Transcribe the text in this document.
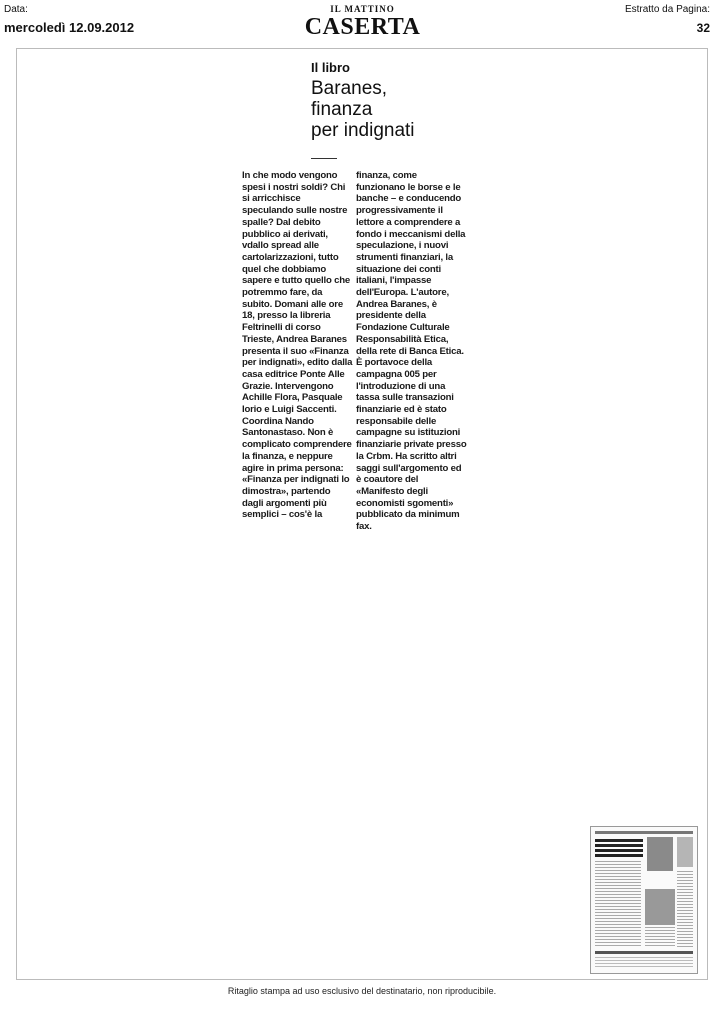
Data:
mercoledì 12.09.2012
IL MATTINO
CASERTA
Estratto da Pagina:
32
Il libro
Baranes,
finanza
per indignati

In che modo vengono spesi i nostri soldi? Chi si arricchisce speculando sulle nostre spalle? Dal debito pubblico ai derivati, vdallo spread alle cartolarizzazioni, tutto quel che dobbiamo sapere e tutto quello che potremmo fare, da subito. Domani alle ore 18, presso la libreria Feltrinelli di corso Trieste, Andrea Baranes presenta il suo «Finanza per indignati», edito dalla casa editrice Ponte Alle Grazie. Intervengono Achille Flora, Pasquale Iorio e Luigi Saccenti. Coordina Nando Santonastaso. Non è complicato comprendere la finanza, e neppure agire in prima persona: «Finanza per indignati lo dimostra», partendo dagli argomenti più semplici – cos'è la

finanza, come funzionano le borse e le banche – e conducendo progressivamente il lettore a comprendere a fondo i meccanismi della speculazione, i nuovi strumenti finanziari, la situazione dei conti italiani, l'impasse dell'Europa. L'autore, Andrea Baranes, è presidente della Fondazione Culturale Responsabilità Etica, della rete di Banca Etica. È portavoce della campagna 005 per l'introduzione di una tassa sulle transazioni finanziarie ed è stato responsabile delle campagne su istituzioni finanziarie private presso la Crbm. Ha scritto altri saggi sull'argomento ed è coautore del «Manifesto degli economisti sgomenti» pubblicato da minimum fax.

Ritaglio stampa ad uso esclusivo del destinatario, non riproducibile.
